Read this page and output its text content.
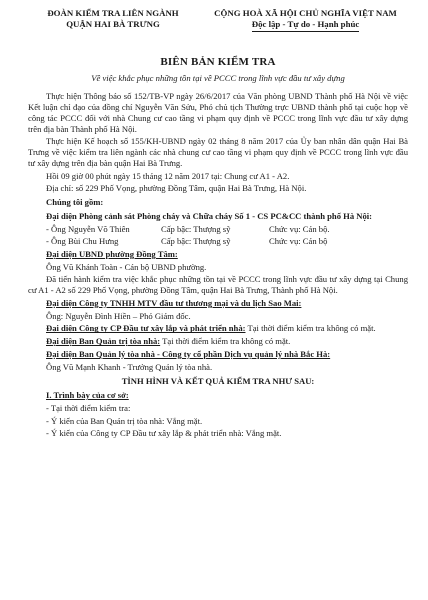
ĐOÀN KIỂM TRA LIÊN NGÀNH
QUẬN HAI BÀ TRƯNG
CỘNG HOÀ XÃ HỘI CHỦ NGHĨA VIỆT NAM
Độc lập - Tự do - Hạnh phúc
BIÊN BẢN KIỂM TRA
Về việc khắc phục những tồn tại về PCCC trong lĩnh vực đầu tư xây dựng

Thực hiện Thông báo số 152/TB-VP ngày 26/6/2017 của Văn phòng UBND Thành phố Hà Nội về việc Kết luận chỉ đạo của đồng chí Nguyễn Văn Sửu, Phó chủ tịch Thường trực UBND thành phố tại cuộc họp về công tác PCCC đối với nhà Chung cư cao tầng vi phạm quy định về PCCC trong lĩnh vực đầu tư xây dựng trên địa bàn Thành phố Hà Nội.

Thực hiện Kế hoạch số 155/KH-UBND ngày 02 tháng 8 năm 2017 của Ủy ban nhân dân quận Hai Bà Trưng về việc kiểm tra liên ngành các nhà chung cư cao tầng vi phạm quy định về PCCC trong lĩnh vực đầu tư xây dựng trên địa bàn quận Hai Bà Trưng.

Hồi 09 giờ 00 phút ngày 15 tháng 12 năm 2017 tại: Chung cư A1 - A2.

Địa chỉ: số 229 Phố Vọng, phường Đồng Tâm, quận Hai Bà Trưng, Hà Nội.

Chúng tôi gồm:
Đại diện Phòng cảnh sát Phòng cháy và Chữa cháy Số 1 - CS PC&CC thành phố Hà Nội:
- Ông Nguyễn Võ Thiên	Cấp bậc: Thượng sỹ	Chức vụ: Cán bộ.
- Ông Bùi Chu Hưng	Cấp bậc: Thượng sỹ	Chức vụ: Cán bộ

Đại diện UBND phường Đồng Tâm:

Ông Vũ Khánh Toàn - Cán bộ UBND phường.

Đã tiến hành kiểm tra việc khắc phục những tồn tại về PCCC trong lĩnh vực đầu tư xây dựng tại Chung cư A1 - A2 số 229 Phố Vọng, phường Đồng Tâm, quận Hai Bà Trưng, Thành phố Hà Nội.

Đại diện Công ty TNHH MTV đầu tư thương mại và du lịch Sao Mai:

Ông: Nguyễn Đình Hiền – Phó Giám đốc.

Đại diện Công ty CP Đầu tư xây lắp và phát triển nhà: Tại thời điểm kiểm tra không có mặt.

Đại diện Ban Quản trị tòa nhà: Tại thời điểm kiểm tra không có mặt.

Đại diện Ban Quản lý tòa nhà - Công ty cổ phần Dịch vụ quản lý nhà Bắc Hà:

Ông Vũ Mạnh Khanh - Trưởng Quản lý tòa nhà.

TÌNH HÌNH VÀ KẾT QUẢ KIỂM TRA NHƯ SAU:
I. Trình bày của cơ sở:
- Tại thời điểm kiểm tra:
- Ý kiến của Ban Quản trị tòa nhà: Vắng mặt.
- Ý kiến của Công ty CP Đầu tư xây lắp & phát triển nhà: Vắng mặt.
